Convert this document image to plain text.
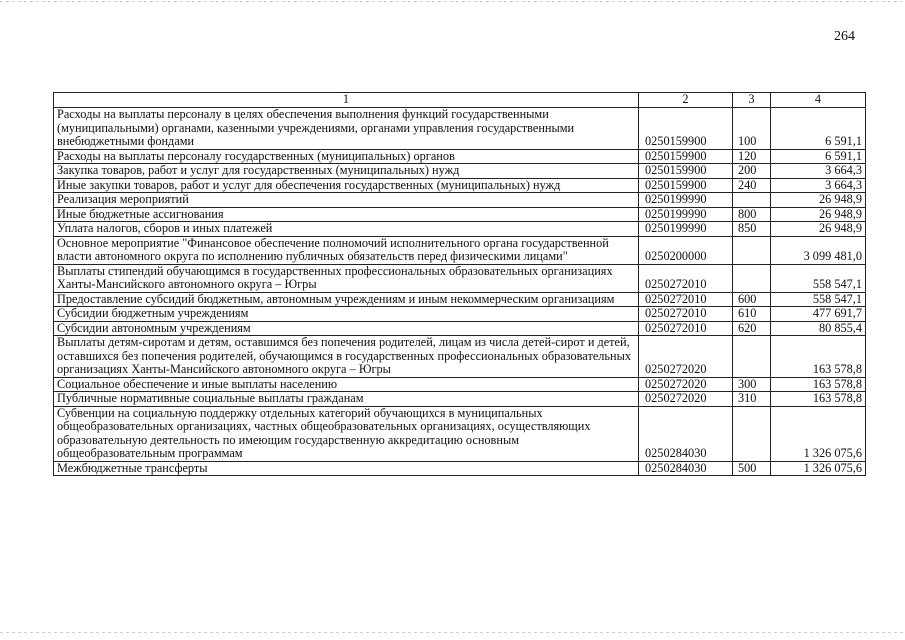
264
1	2	3	4
Расходы на выплаты персоналу в целях обеспечения выполнения функций государственными (муниципальными) органами, казенными учреждениями, органами управления государственными внебюджетными фондами	0250159900	100	6 591,1
Расходы на выплаты персоналу государственных (муниципальных) органов	0250159900	120	6 591,1
Закупка товаров, работ и услуг для государственных (муниципальных) нужд	0250159900	200	3 664,3
Иные закупки товаров, работ и услуг для обеспечения государственных (муниципальных) нужд	0250159900	240	3 664,3
Реализация мероприятий	0250199990		26 948,9
Иные бюджетные ассигнования	0250199990	800	26 948,9
Уплата налогов, сборов и иных платежей	0250199990	850	26 948,9
Основное мероприятие "Финансовое обеспечение полномочий исполнительного органа государственной власти автономного округа по исполнению публичных обязательств перед физическими лицами"	0250200000		3 099 481,0
Выплаты стипендий обучающимся в государственных профессиональных образовательных организациях Ханты-Мансийского автономного округа – Югры	0250272010		558 547,1
Предоставление субсидий бюджетным, автономным учреждениям и иным некоммерческим организациям	0250272010	600	558 547,1
Субсидии бюджетным учреждениям	0250272010	610	477 691,7
Субсидии автономным учреждениям	0250272010	620	80 855,4
Выплаты детям-сиротам и детям, оставшимся без попечения родителей, лицам из числа детей-сирот и детей, оставшихся без попечения родителей, обучающимся в государственных профессиональных образовательных организациях Ханты-Мансийского автономного округа – Югры	0250272020		163 578,8
Социальное обеспечение и иные выплаты населению	0250272020	300	163 578,8
Публичные нормативные социальные выплаты гражданам	0250272020	310	163 578,8
Субвенции на социальную поддержку отдельных категорий обучающихся в муниципальных общеобразовательных организациях, частных общеобразовательных организациях, осуществляющих образовательную деятельность по имеющим государственную аккредитацию основным общеобразовательным программам	0250284030		1 326 075,6
Межбюджетные трансферты	0250284030	500	1 326 075,6
